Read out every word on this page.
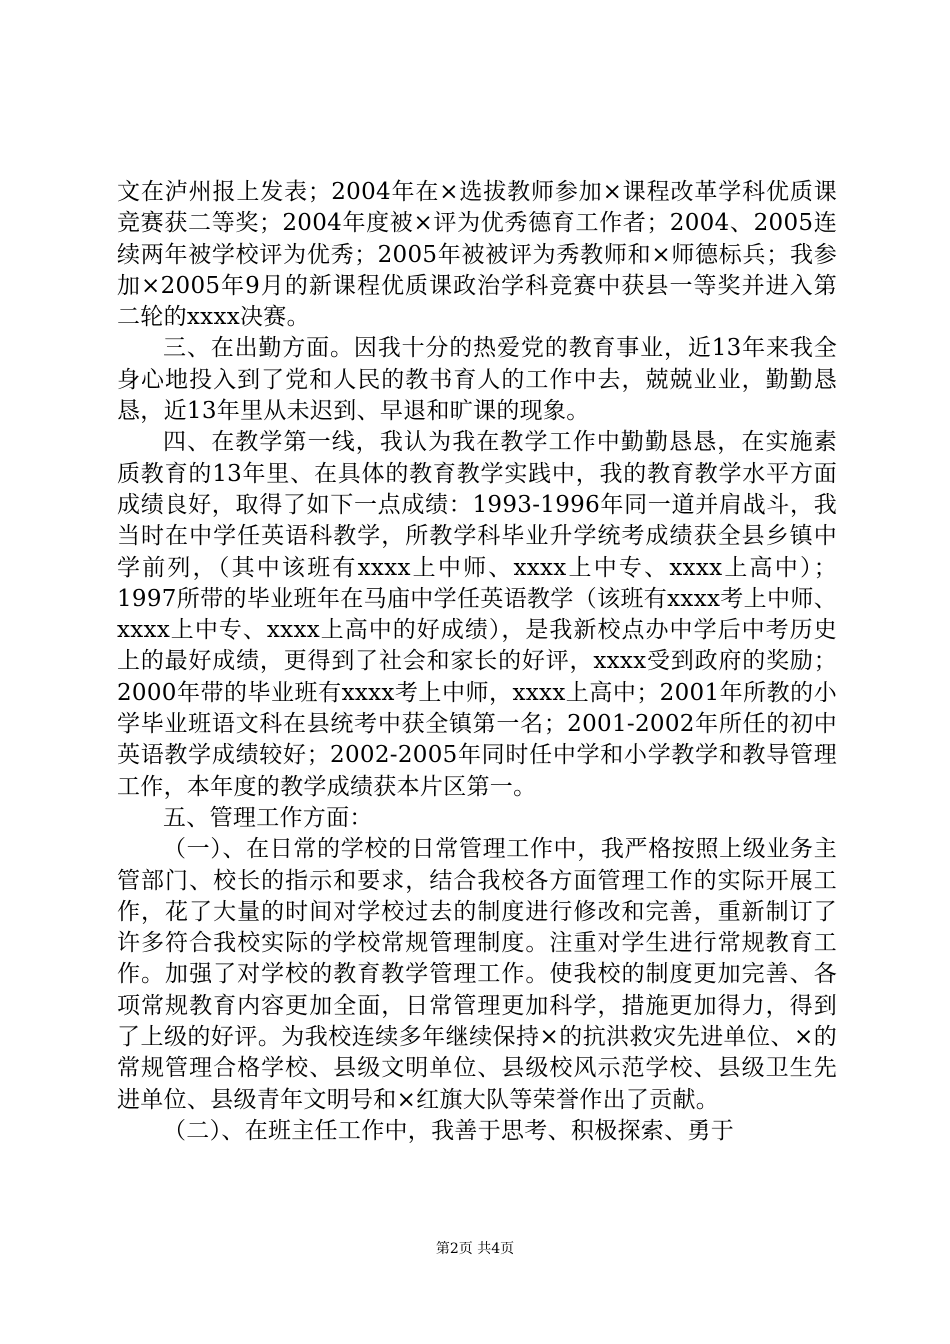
文在泸州报上发表；2004年在×选拔教师参加×课程改革学科优质课竞赛获二等奖；2004年度被×评为优秀德育工作者；2004、2005连续两年被学校评为优秀；2005年被被评为秀教师和×师德标兵；我参加×2005年9月的新课程优质课政治学科竞赛中获县一等奖并进入第二轮的xxxx决赛。

三、在出勤方面。因我十分的热爱党的教育事业，近13年来我全身心地投入到了党和人民的教书育人的工作中去，兢兢业业，勤勤恳恳，近13年里从未迟到、早退和旷课的现象。

四、在教学第一线，我认为我在教学工作中勤勤恳恳，在实施素质教育的13年里、在具体的教育教学实践中，我的教育教学水平方面成绩良好，取得了如下一点成绩：1993-1996年同一道并肩战斗，我当时在中学任英语科教学，所教学科毕业升学统考成绩获全县乡镇中学前列，（其中该班有xxxx上中师、xxxx上中专、xxxx上高中）；1997所带的毕业班年在马庙中学任英语教学（该班有xxxx考上中师、xxxx上中专、xxxx上高中的好成绩），是我新校点办中学后中考历史上的最好成绩，更得到了社会和家长的好评，xxxx受到政府的奖励；2000年带的毕业班有xxxx考上中师，xxxx上高中；2001年所教的小学毕业班语文科在县统考中获全镇第一名；2001-2002年所任的初中英语教学成绩较好；2002-2005年同时任中学和小学教学和教导管理工作，本年度的教学成绩获本片区第一。

五、管理工作方面：

（一）、在日常的学校的日常管理工作中，我严格按照上级业务主管部门、校长的指示和要求，结合我校各方面管理工作的实际开展工作，花了大量的时间对学校过去的制度进行修改和完善，重新制订了许多符合我校实际的学校常规管理制度。注重对学生进行常规教育工作。加强了对学校的教育教学管理工作。使我校的制度更加完善、各项常规教育内容更加全面，日常管理更加科学，措施更加得力，得到了上级的好评。为我校连续多年继续保持×的抗洪救灾先进单位、×的常规管理合格学校、县级文明单位、县级校风示范学校、县级卫生先进单位、县级青年文明号和×红旗大队等荣誉作出了贡献。

（二）、在班主任工作中，我善于思考、积极探索、勇于

第2页 共4页
